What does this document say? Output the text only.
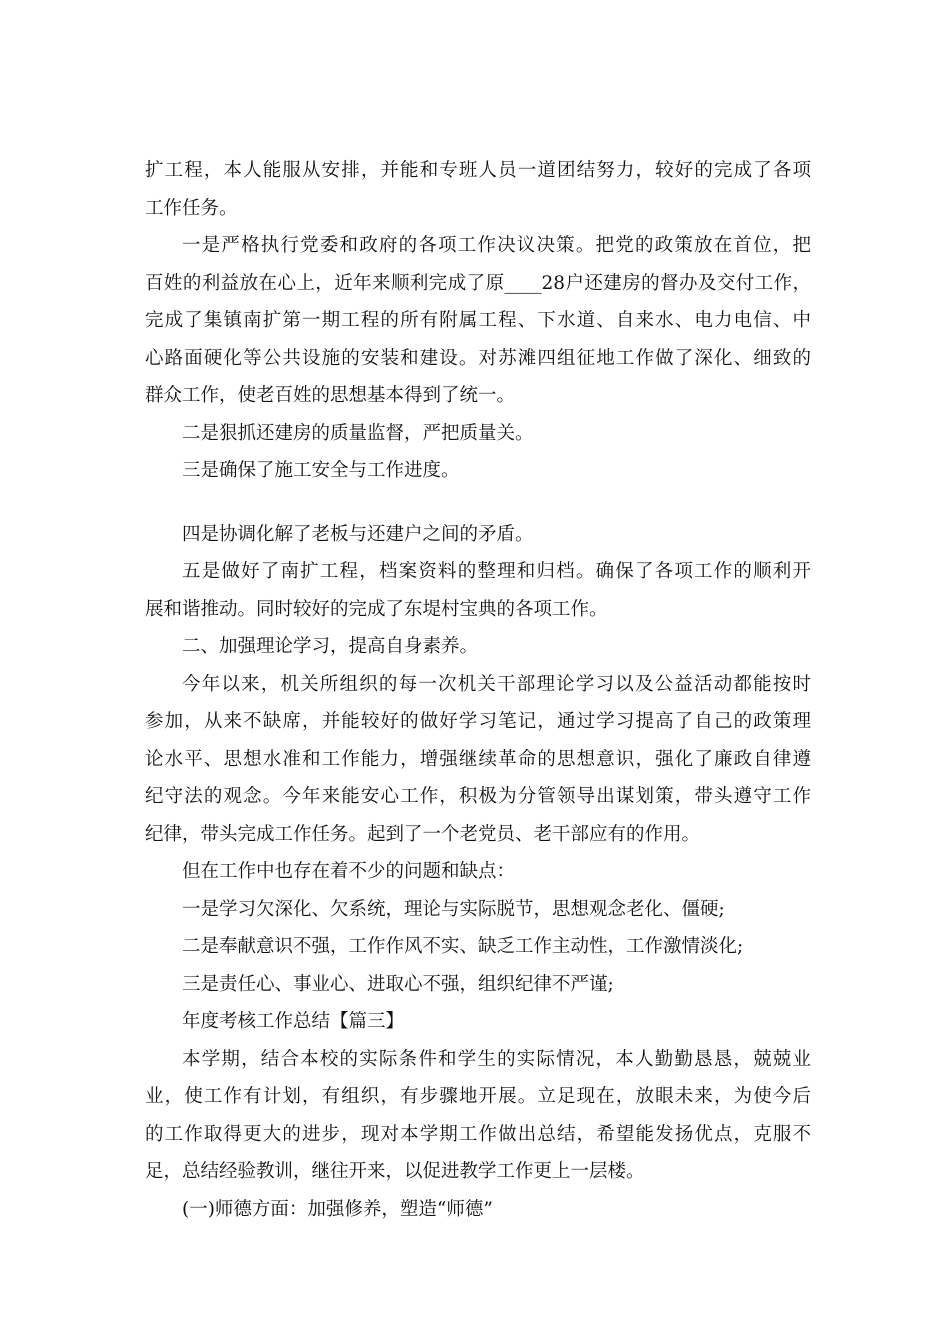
扩工程，本人能服从安排，并能和专班人员一道团结努力，较好的完成了各项
工作任务。
一是严格执行党委和政府的各项工作决议决策。把党的政策放在首位，把
百姓的利益放在心上，近年来顺利完成了原____28户还建房的督办及交付工作，
完成了集镇南扩第一期工程的所有附属工程、下水道、自来水、电力电信、中
心路面硬化等公共设施的安装和建设。对苏滩四组征地工作做了深化、细致的
群众工作，使老百姓的思想基本得到了统一。
二是狠抓还建房的质量监督，严把质量关。
三是确保了施工安全与工作进度。
四是协调化解了老板与还建户之间的矛盾。
五是做好了南扩工程，档案资料的整理和归档。确保了各项工作的顺利开
展和谐推动。同时较好的完成了东堤村宝典的各项工作。
二、加强理论学习，提高自身素养。
今年以来，机关所组织的每一次机关干部理论学习以及公益活动都能按时
参加，从来不缺席，并能较好的做好学习笔记，通过学习提高了自己的政策理
论水平、思想水准和工作能力，增强继续革命的思想意识，强化了廉政自律遵
纪守法的观念。今年来能安心工作，积极为分管领导出谋划策，带头遵守工作
纪律，带头完成工作任务。起到了一个老党员、老干部应有的作用。
但在工作中也存在着不少的问题和缺点：
一是学习欠深化、欠系统，理论与实际脱节，思想观念老化、僵硬;
二是奉献意识不强，工作作风不实、缺乏工作主动性，工作激情淡化;
三是责任心、事业心、进取心不强，组织纪律不严谨;
年度考核工作总结【篇三】
本学期，结合本校的实际条件和学生的实际情况，本人勤勤恳恳，兢兢业
业，使工作有计划，有组织，有步骤地开展。立足现在，放眼未来，为使今后
的工作取得更大的进步，现对本学期工作做出总结，希望能发扬优点，克服不
足，总结经验教训，继往开来，以促进教学工作更上一层楼。
(一)师德方面：加强修养，塑造“师德”
